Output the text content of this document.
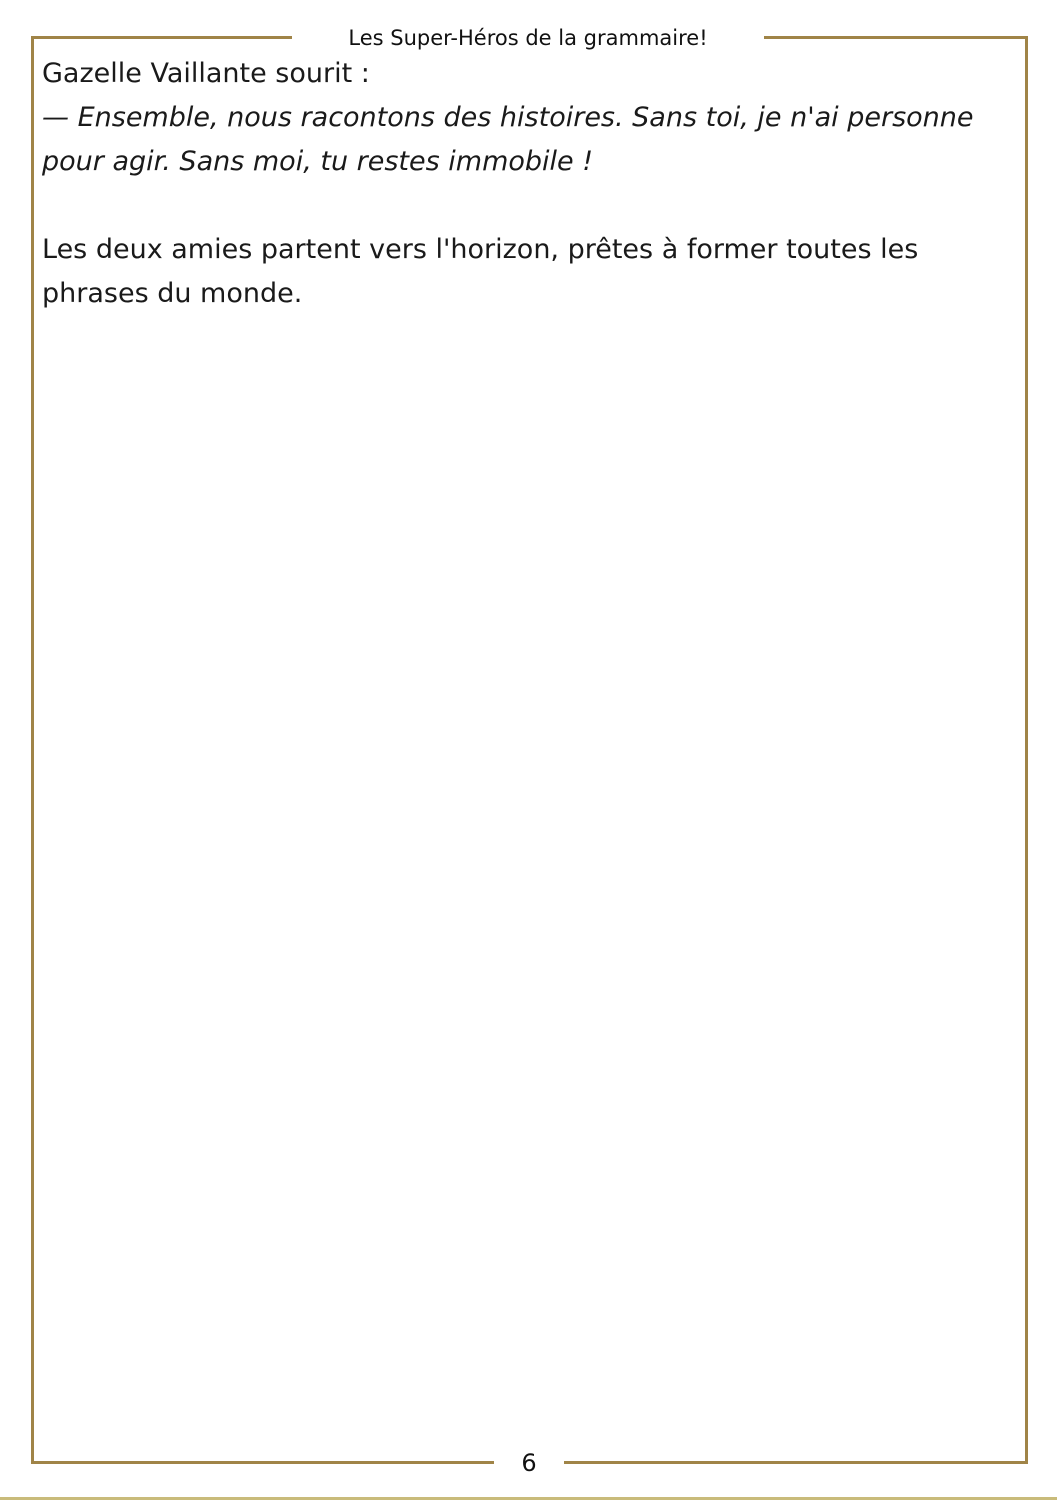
Les Super-Héros de la grammaire!

Gazelle Vaillante sourit :

— Ensemble, nous racontons des histoires. Sans toi, je n'ai personne pour agir. Sans moi, tu restes immobile !

Les deux amies partent vers l'horizon, prêtes à former toutes les phrases du monde.

6
